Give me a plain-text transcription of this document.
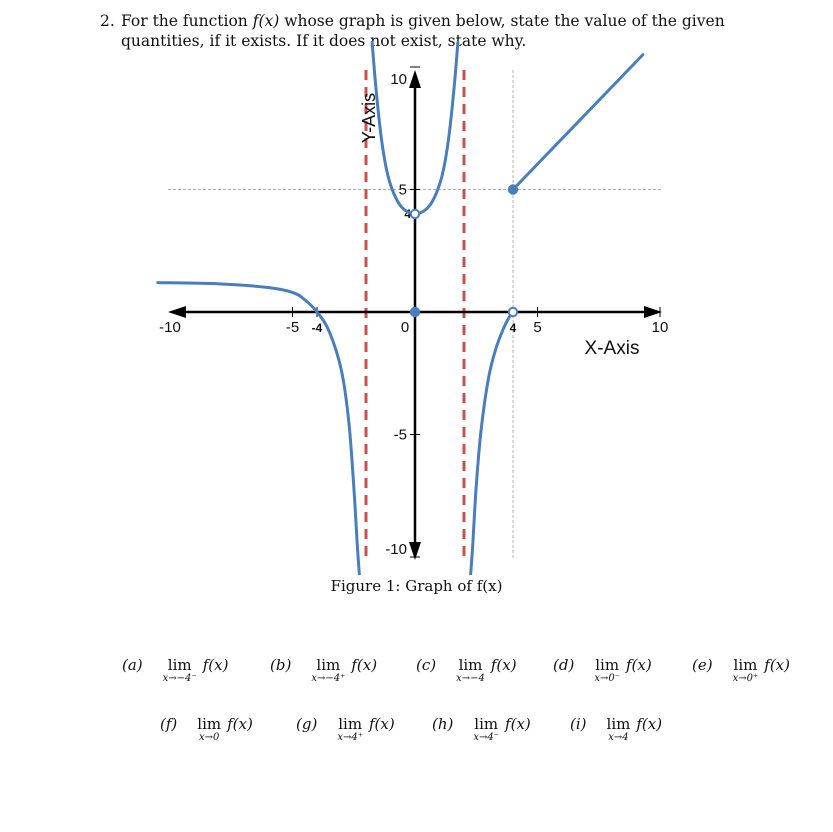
2. For the function f(x) whose graph is given below, state the value of the given quantities, if it exists. If it does not exist, state why.
-10	-5 -4	0	4 5	10
10
5
4
-5
-10
X-Axis
Y-Axis
Figure 1: Graph of f(x)
(a)	lim
x→−4⁻
f(x)	(b)	lim
x→−4⁺
f(x)	(c) lim
x→−4
f(x) (d) lim
x→0⁻
f(x)	(e) lim
x→0⁺
f(x)
(f) lim
x→0
f(x)	(g) lim
x→4⁺
f(x) (h) lim
x→4⁻
f(x)	(i) lim
x→4
f(x)
